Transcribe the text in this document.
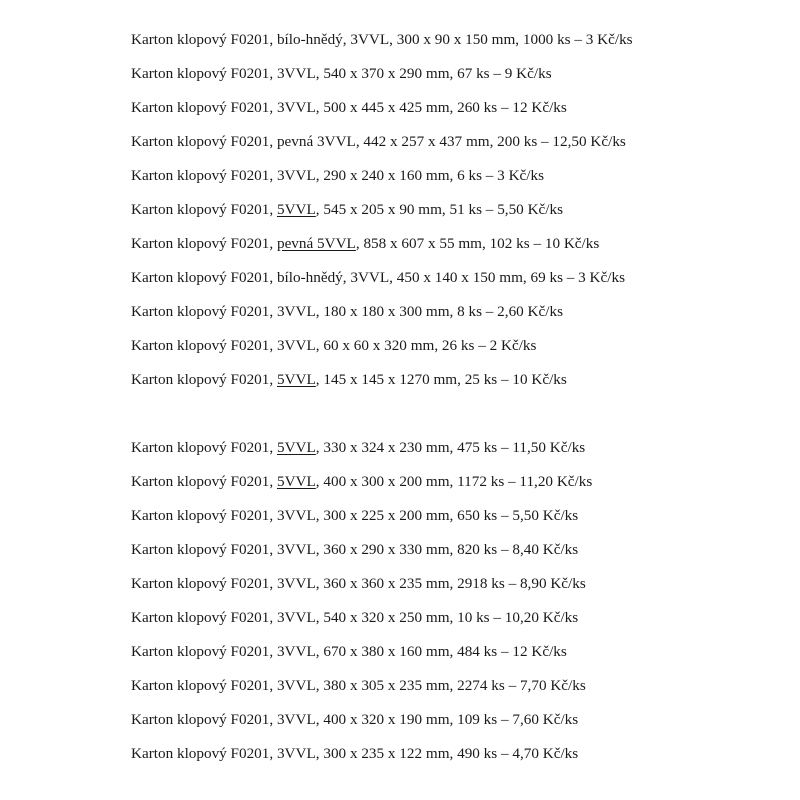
Karton klopový F0201, bílo-hnědý, 3VVL, 300 x 90 x 150 mm, 1000 ks – 3 Kč/ks
Karton klopový F0201, 3VVL, 540 x 370 x 290 mm, 67 ks – 9 Kč/ks
Karton klopový F0201, 3VVL, 500 x 445 x 425 mm, 260 ks – 12 Kč/ks
Karton klopový F0201, pevná 3VVL, 442 x 257 x 437 mm, 200 ks – 12,50 Kč/ks
Karton klopový F0201, 3VVL, 290 x 240 x 160 mm, 6 ks – 3 Kč/ks
Karton klopový F0201, 5VVL, 545 x 205 x 90 mm, 51 ks – 5,50 Kč/ks
Karton klopový F0201, pevná 5VVL, 858 x 607 x 55 mm, 102 ks – 10 Kč/ks
Karton klopový F0201, bílo-hnědý, 3VVL, 450 x 140 x 150 mm, 69 ks – 3 Kč/ks
Karton klopový F0201, 3VVL, 180 x 180 x 300 mm, 8 ks – 2,60 Kč/ks
Karton klopový F0201, 3VVL, 60 x 60 x 320 mm, 26 ks – 2 Kč/ks
Karton klopový F0201, 5VVL, 145 x 145 x 1270 mm, 25 ks – 10 Kč/ks
Karton klopový F0201, 5VVL, 330 x 324 x 230 mm, 475 ks – 11,50 Kč/ks
Karton klopový F0201, 5VVL, 400 x 300 x 200 mm, 1172 ks – 11,20 Kč/ks
Karton klopový F0201, 3VVL, 300 x 225 x 200 mm, 650 ks – 5,50 Kč/ks
Karton klopový F0201, 3VVL, 360 x 290 x 330 mm, 820 ks – 8,40 Kč/ks
Karton klopový F0201, 3VVL, 360 x 360 x 235 mm, 2918 ks – 8,90 Kč/ks
Karton klopový F0201, 3VVL, 540 x 320 x 250 mm, 10 ks – 10,20 Kč/ks
Karton klopový F0201, 3VVL, 670 x 380 x 160 mm, 484 ks – 12 Kč/ks
Karton klopový F0201, 3VVL, 380 x 305 x 235 mm, 2274 ks – 7,70 Kč/ks
Karton klopový F0201, 3VVL, 400 x 320 x 190 mm, 109 ks – 7,60 Kč/ks
Karton klopový F0201, 3VVL, 300 x 235 x 122 mm, 490 ks – 4,70 Kč/ks
